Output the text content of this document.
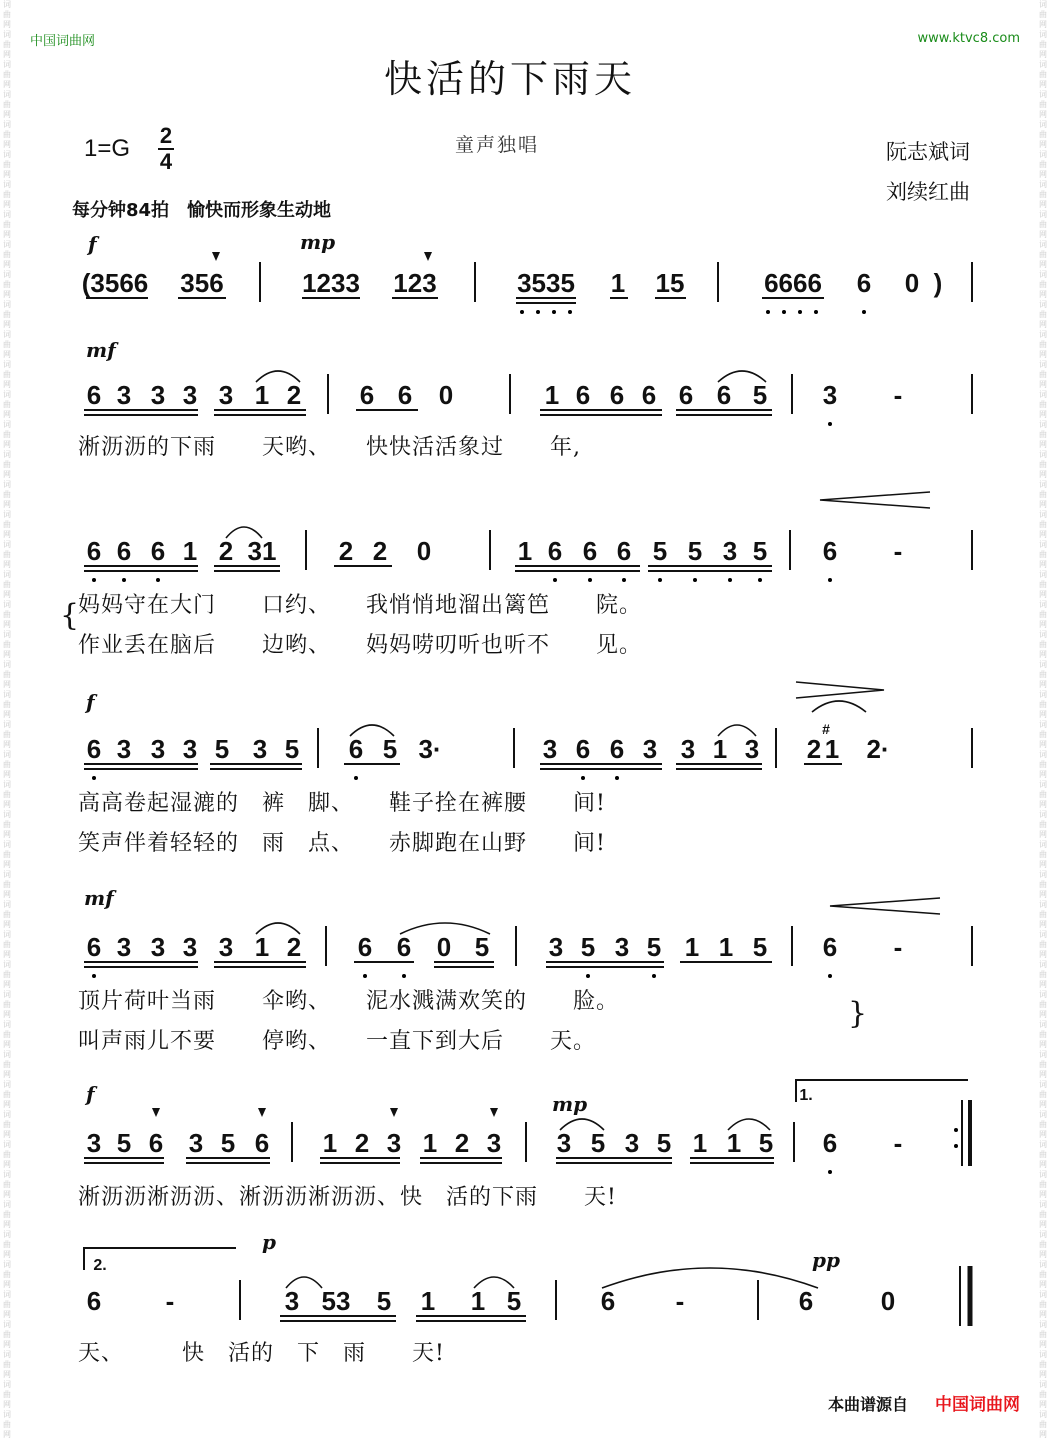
词曲网词曲网词曲网词曲网词曲网词曲网词曲网词曲网词曲网词曲网词曲网词曲网词曲网词曲网词曲网词曲网词曲网词曲网词曲网词曲网词曲网词曲网词曲网词曲网词曲网词曲网词曲网词曲网词曲网词曲网词曲网词曲网词曲网词曲网词曲网词曲网词曲网词曲网词曲网词曲网词曲网词曲网词曲网词曲网词曲网词曲网词曲网词曲网
词曲网词曲网词曲网词曲网词曲网词曲网词曲网词曲网词曲网词曲网词曲网词曲网词曲网词曲网词曲网词曲网词曲网词曲网词曲网词曲网词曲网词曲网词曲网词曲网词曲网词曲网词曲网词曲网词曲网词曲网词曲网词曲网词曲网词曲网词曲网词曲网词曲网词曲网词曲网词曲网词曲网词曲网词曲网词曲网词曲网词曲网词曲网词曲网
中国词曲网	www.ktvc8.com
快活的下雨天
1=G 2
4
童声独唱	阮志斌词
刘续红曲
每分钟84拍　愉快而形象生动地
f	mp
mf
f
mf
f	mp
p
pp
(3566 356	1233 123	3535 1 15	6666 6 0 )
6 3 3 3 3 1 2 6 6 0	1 6 6 6 6 6 5 3 -
6 6 6 1 2 31 2 2 0	1 6 6 6 5 5 3 5 6 -
6 3 3 3 5 3 5 6 5 3·	3 6 6 3 3 1 3 2 1 2·
#
6 3 3 3 3 1 2 6 6 0 5 3 5 3 5 1 1 5 6 -
3 5 6 3 5 6 1 2 3 1 2 3 3 5 3 5 1 1 5 6 -
1.
6 -	3 53 5 1 1 5	6 -	6	0
2.
淅沥沥的下雨　　天哟、　　快快活活象过　　年,
{
妈妈守在大门　　口约、　　我悄悄地溜出篱笆　　院。
作业丢在脑后　　边哟、　　妈妈唠叨听也听不　　见。
高高卷起湿漉的　裤　脚、　　鞋子拴在裤腰　　间!
笑声伴着轻轻的　雨　点、　　赤脚跑在山野　　间!
顶片荷叶当雨　　伞哟、　　泥水溅满欢笑的　　脸。
叫声雨儿不要　　停哟、　　一直下到大后　　天。
}
淅沥沥淅沥沥、淅沥沥淅沥沥、快　活的下雨　　天!
天、　　　快　活的　下　雨　　天!
本曲谱源自 中国词曲网
